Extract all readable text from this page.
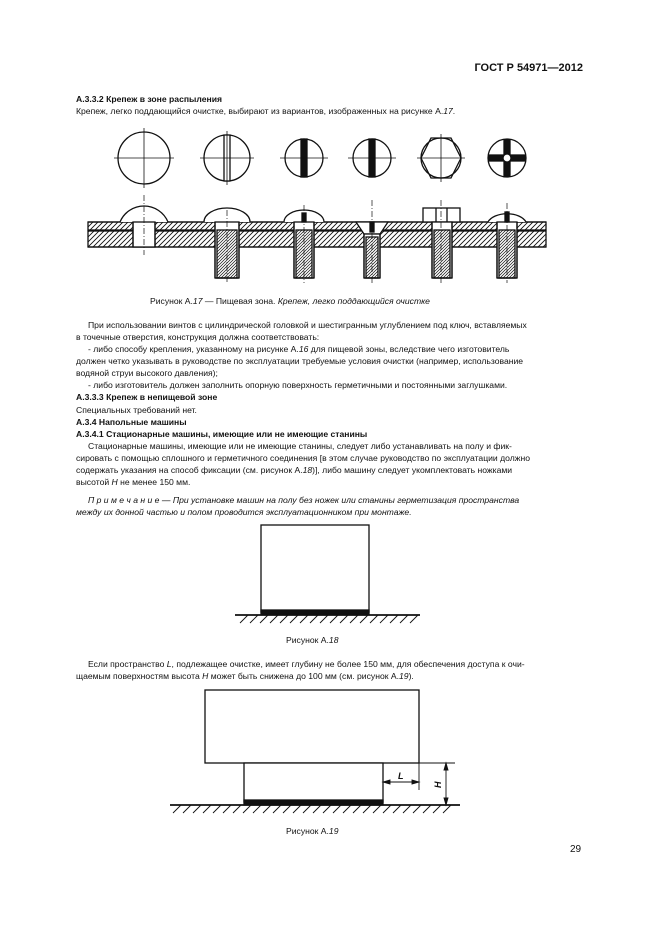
ГОСТ Р 54971—2012
А.3.3.2 Крепеж в зоне распыления
Крепеж, легко поддающийся очистке, выбирают из вариантов, изображенных на рисунке А.17.
Рисунок А.17 — Пищевая зона. Крепеж, легко поддающийся очистке
При использовании винтов с цилиндрической головкой и шестигранным углублением под ключ, вставляемых
в точечные отверстия, конструкция должна соответствовать:
- либо способу крепления, указанному на рисунке А.16 для пищевой зоны, вследствие чего изготовитель
должен четко указывать в руководстве по эксплуатации требуемые условия очистки (например, использование
водяной струи высокого давления);
- либо изготовитель должен заполнить опорную поверхность герметичными и постоянными заглушками.
А.3.3.3 Крепеж в непищевой зоне
Специальных требований нет.
А.3.4 Напольные машины
А.3.4.1 Стационарные машины, имеющие или не имеющие станины
Стационарные машины, имеющие или не имеющие станины, следует либо устанавливать на полу и фик-
сировать с помощью сплошного и герметичного соединения [в этом случае руководство по эксплуатации должно
содержать указания на способ фиксации (см. рисунок А.18)], либо машину следует укомплектовать ножками
высотой H не менее 150 мм.
П р и м е ч а н и е — При установке машин на полу без ножек или станины герметизация пространства
между их донной частью и полом проводится эксплуатационником при монтаже.
Рисунок А.18
Если пространство L, подлежащее очистке, имеет глубину не более 150 мм, для обеспечения доступа к очи-
щаемым поверхностям высота H может быть снижена до 100 мм (см. рисунок А.19).
L
H
Рисунок А.19
29
